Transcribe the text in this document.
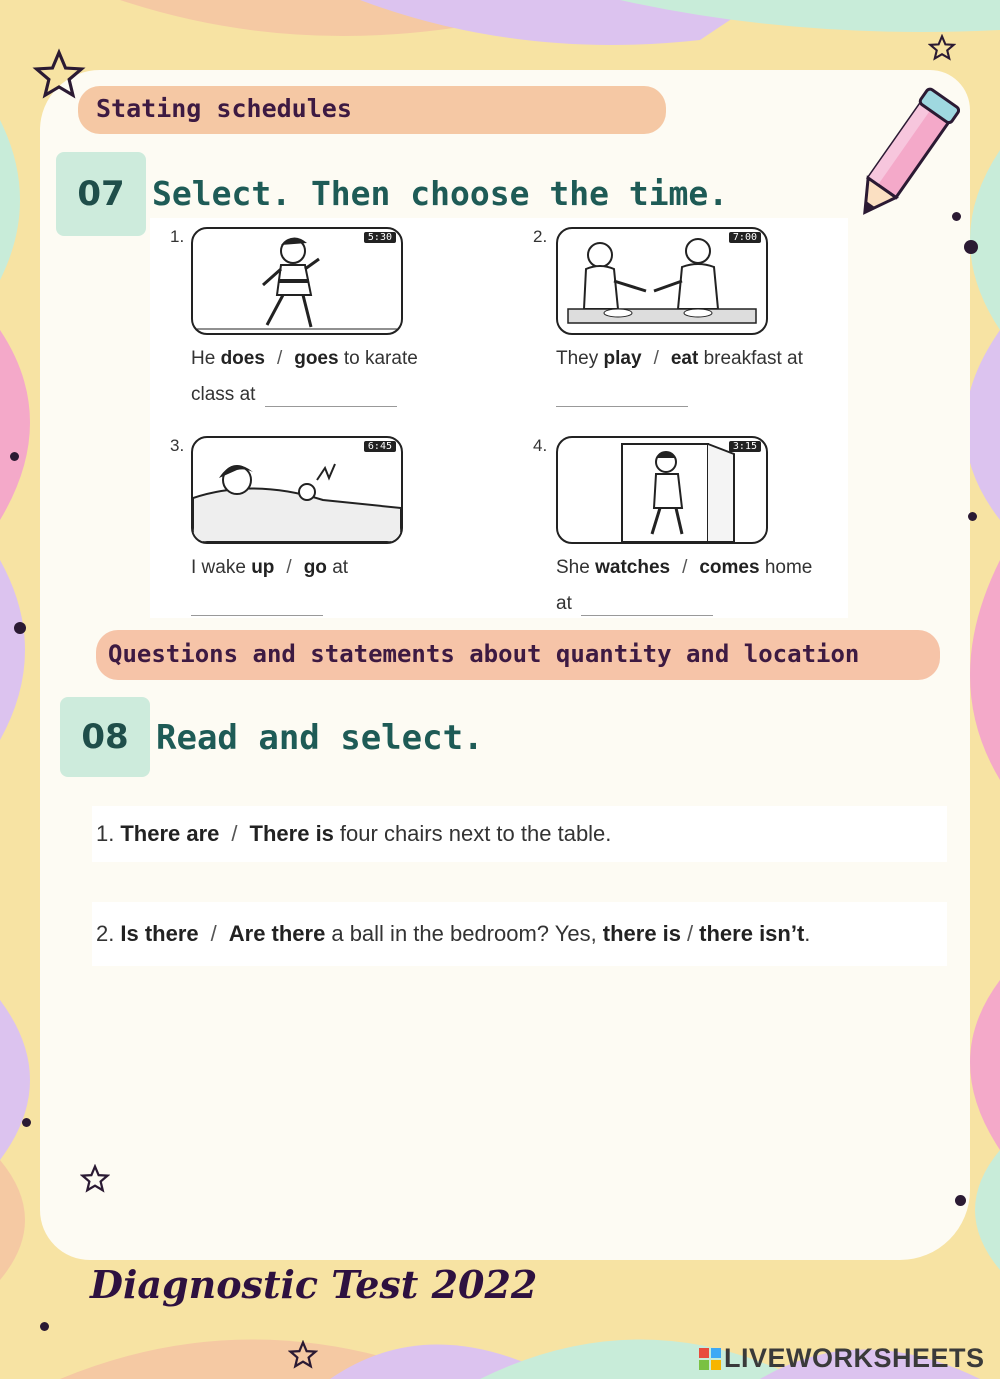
Stating schedules
07 Select. Then choose the time.
1.	5:30
He does / goes to karate
class at
2.	7:00
They play / eat breakfast at

3.	6:45
I wake up / go at

4.	3:15
She watches / comes home
at
Questions and statements about quantity and location
08 Read and select.
1. There are / There is four chairs next to the table.
2. Is there / Are there a ball in the bedroom? Yes, there is / there isn’t .
Diagnostic Test 2022
LIVEWORKSHEETS
